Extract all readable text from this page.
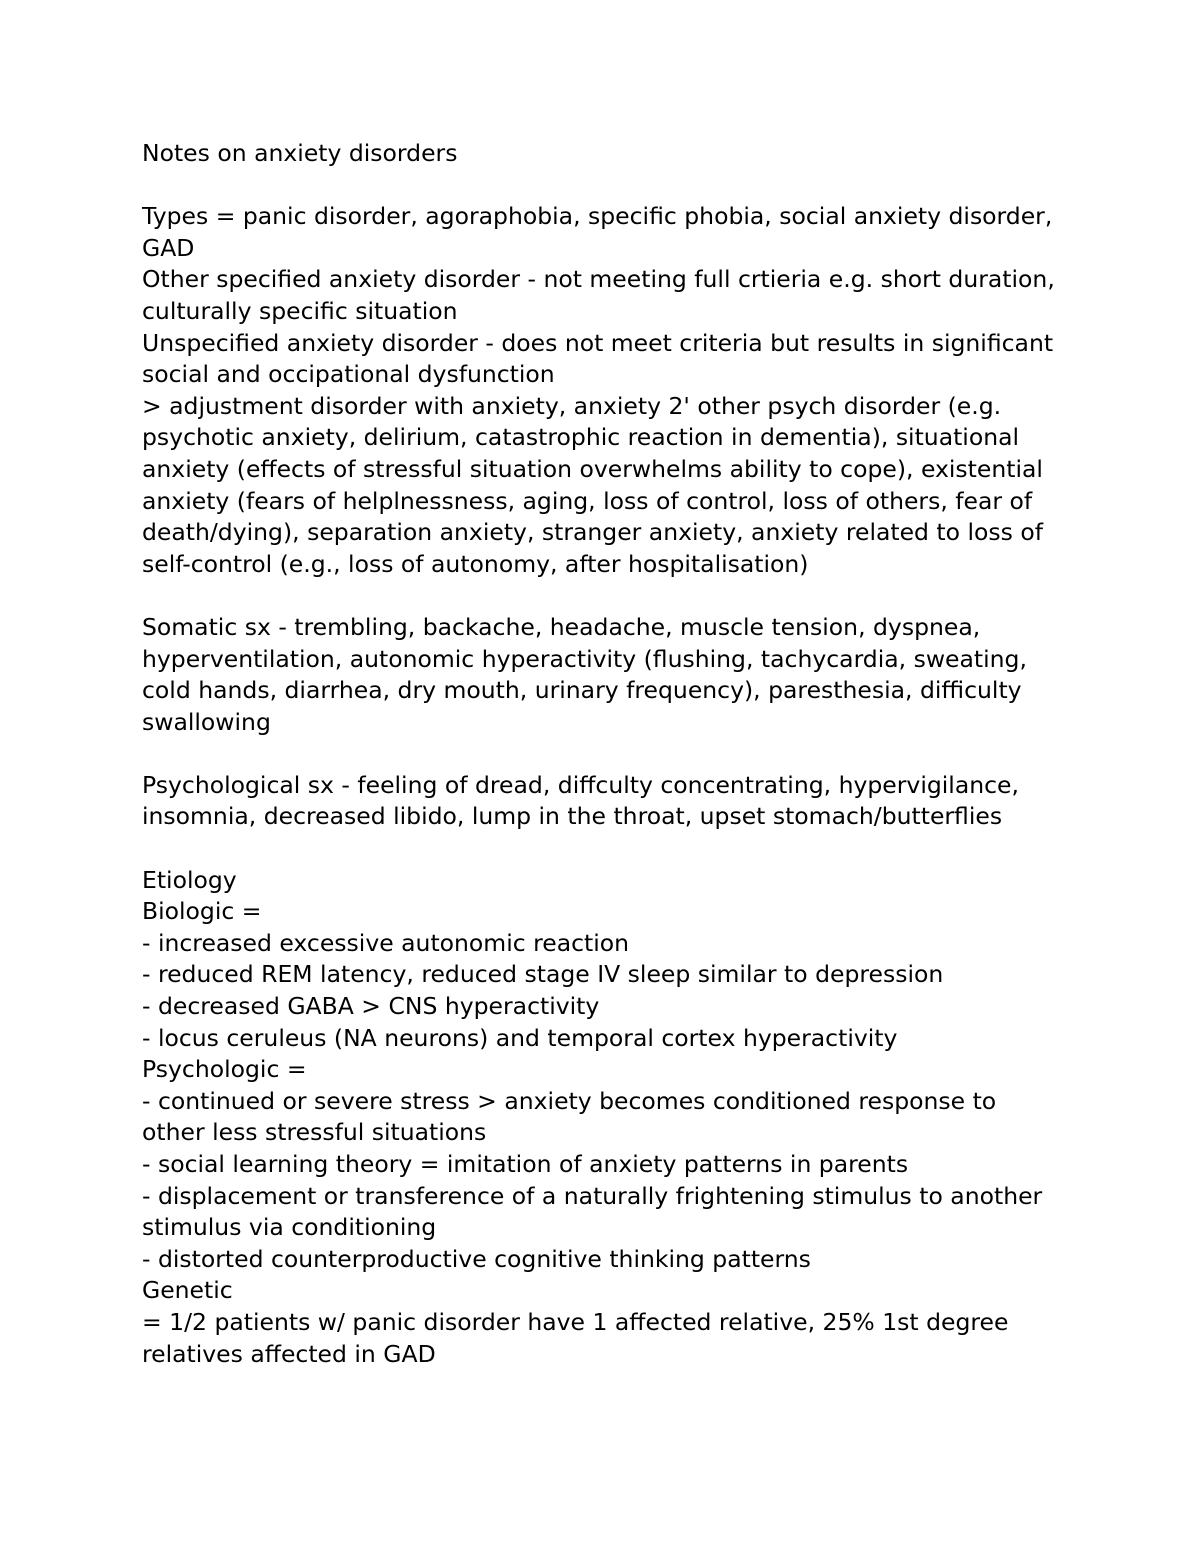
Notes on anxiety disorders
Types = panic disorder, agoraphobia, specific phobia, social anxiety disorder,
GAD
Other specified anxiety disorder - not meeting full crtieria e.g. short duration,
culturally specific situation
Unspecified anxiety disorder - does not meet criteria but results in significant
social and occipational dysfunction
> adjustment disorder with anxiety, anxiety 2' other psych disorder (e.g.
psychotic anxiety, delirium, catastrophic reaction in dementia), situational
anxiety (effects of stressful situation overwhelms ability to cope), existential
anxiety (fears of helplnessness, aging, loss of control, loss of others, fear of
death/dying), separation anxiety, stranger anxiety, anxiety related to loss of
self-control (e.g., loss of autonomy, after hospitalisation)
Somatic sx - trembling, backache, headache, muscle tension, dyspnea,
hyperventilation, autonomic hyperactivity (flushing, tachycardia, sweating,
cold hands, diarrhea, dry mouth, urinary frequency), paresthesia, difficulty
swallowing
Psychological sx - feeling of dread, diffculty concentrating, hypervigilance,
insomnia, decreased libido, lump in the throat, upset stomach/butterflies
Etiology
Biologic =
- increased excessive autonomic reaction
- reduced REM latency, reduced stage IV sleep similar to depression
- decreased GABA > CNS hyperactivity
- locus ceruleus (NA neurons) and temporal cortex hyperactivity
Psychologic =
- continued or severe stress > anxiety becomes conditioned response to
other less stressful situations
- social learning theory = imitation of anxiety patterns in parents
- displacement or transference of a naturally frightening stimulus to another
stimulus via conditioning
- distorted counterproductive cognitive thinking patterns
Genetic
= 1/2 patients w/ panic disorder have 1 affected relative, 25% 1st degree
relatives affected in GAD
